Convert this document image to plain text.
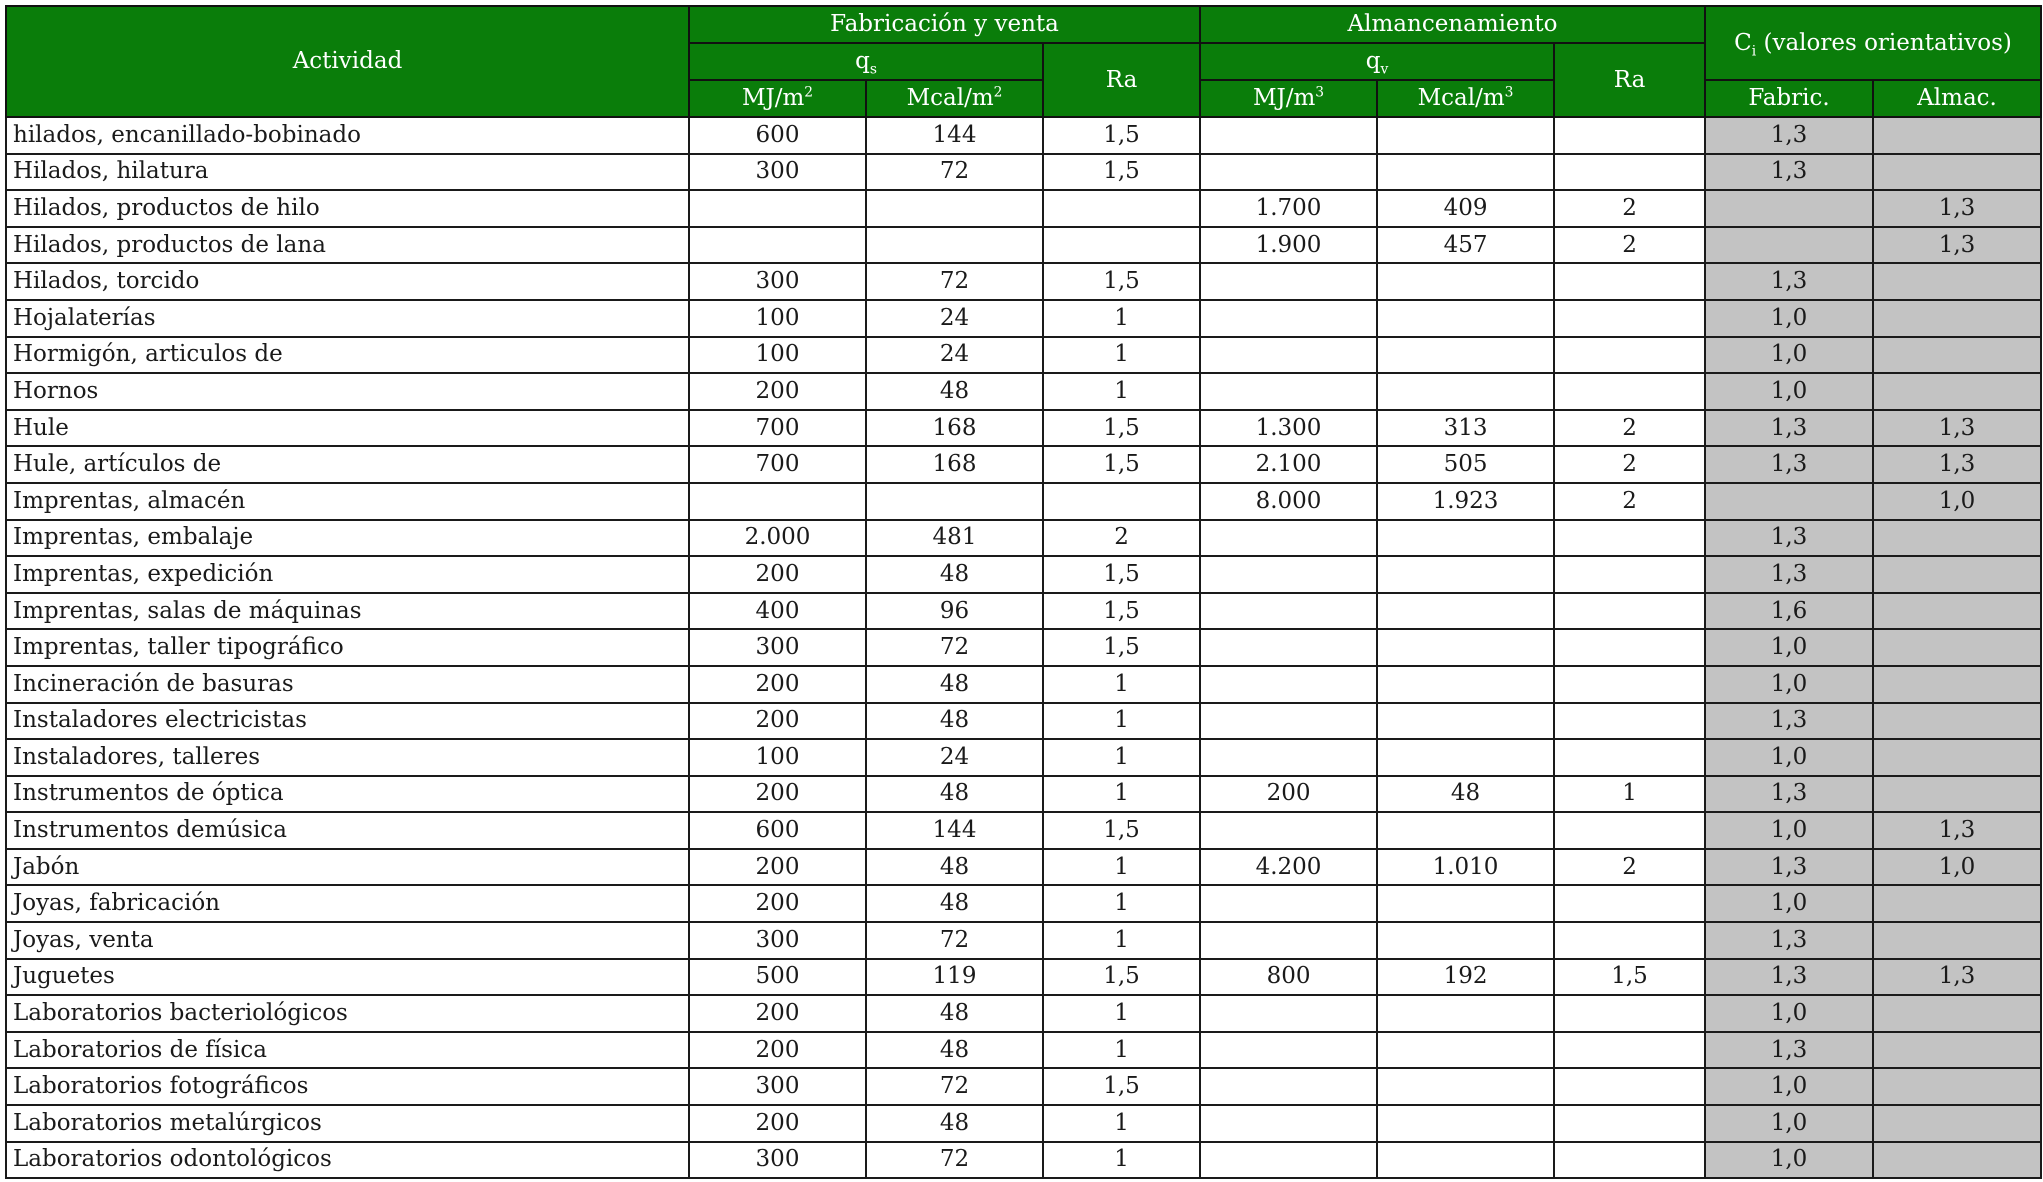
Actividad	Fabricación y venta			Almancenamiento			$C_i$ (valores orientativos)	
	$q_s$		Ra	$q_v$		Ra		
	$MJ/m^2$	Mcal/$m^2$		$MJ/m^3$	Mcal/$m^3$		Fabric.	Almac.
hilados, encanillado-bobinado	600	144	1,5				1,3	
Hilados, hilatura	300	72	1,5				1,3	
Hilados, productos de hilo				1.700	409	2		1,3
Hilados, productos de lana				1.900	457	2		1,3
Hilados, torcido	300	72	1,5				1,3	
Hojalaterías	100	24	1				1,0	
Hormigón, articulos de	100	24	1				1,0	
Hornos	200	48	1				1,0	
Hule	700	168	1,5	1.300	313	2	1,3	1,3
Hule, artículos de	700	168	1,5	2.100	505	2	1,3	1,3
Imprentas, almacén				8.000	1.923	2		1,0
Imprentas, embalaje	2.000	481	2				1,3	
Imprentas, expedición	200	48	1,5				1,3	
Imprentas, salas de máquinas	400	96	1,5				1,6	
Imprentas, taller tipográfico	300	72	1,5				1,0	
Incineración de basuras	200	48	1				1,0	
Instaladores electricistas	200	48	1				1,3	
Instaladores, talleres	100	24	1				1,0	
Instrumentos de óptica	200	48	1	200	48	1	1,3	
Instrumentos demúsica	600	144	1,5				1,0	1,3
Jabón	200	48	1	4.200	1.010	2	1,3	1,0
Joyas, fabricación	200	48	1				1,0	
Joyas, venta	300	72	1				1,3	
Juguetes	500	119	1,5	800	192	1,5	1,3	1,3
Laboratorios bacteriológicos	200	48	1				1,0	
Laboratorios de física	200	48	1				1,3	
Laboratorios fotográficos	300	72	1,5				1,0	
Laboratorios metalúrgicos	200	48	1				1,0	
Laboratorios odontológicos	300	72	1				1,0	
